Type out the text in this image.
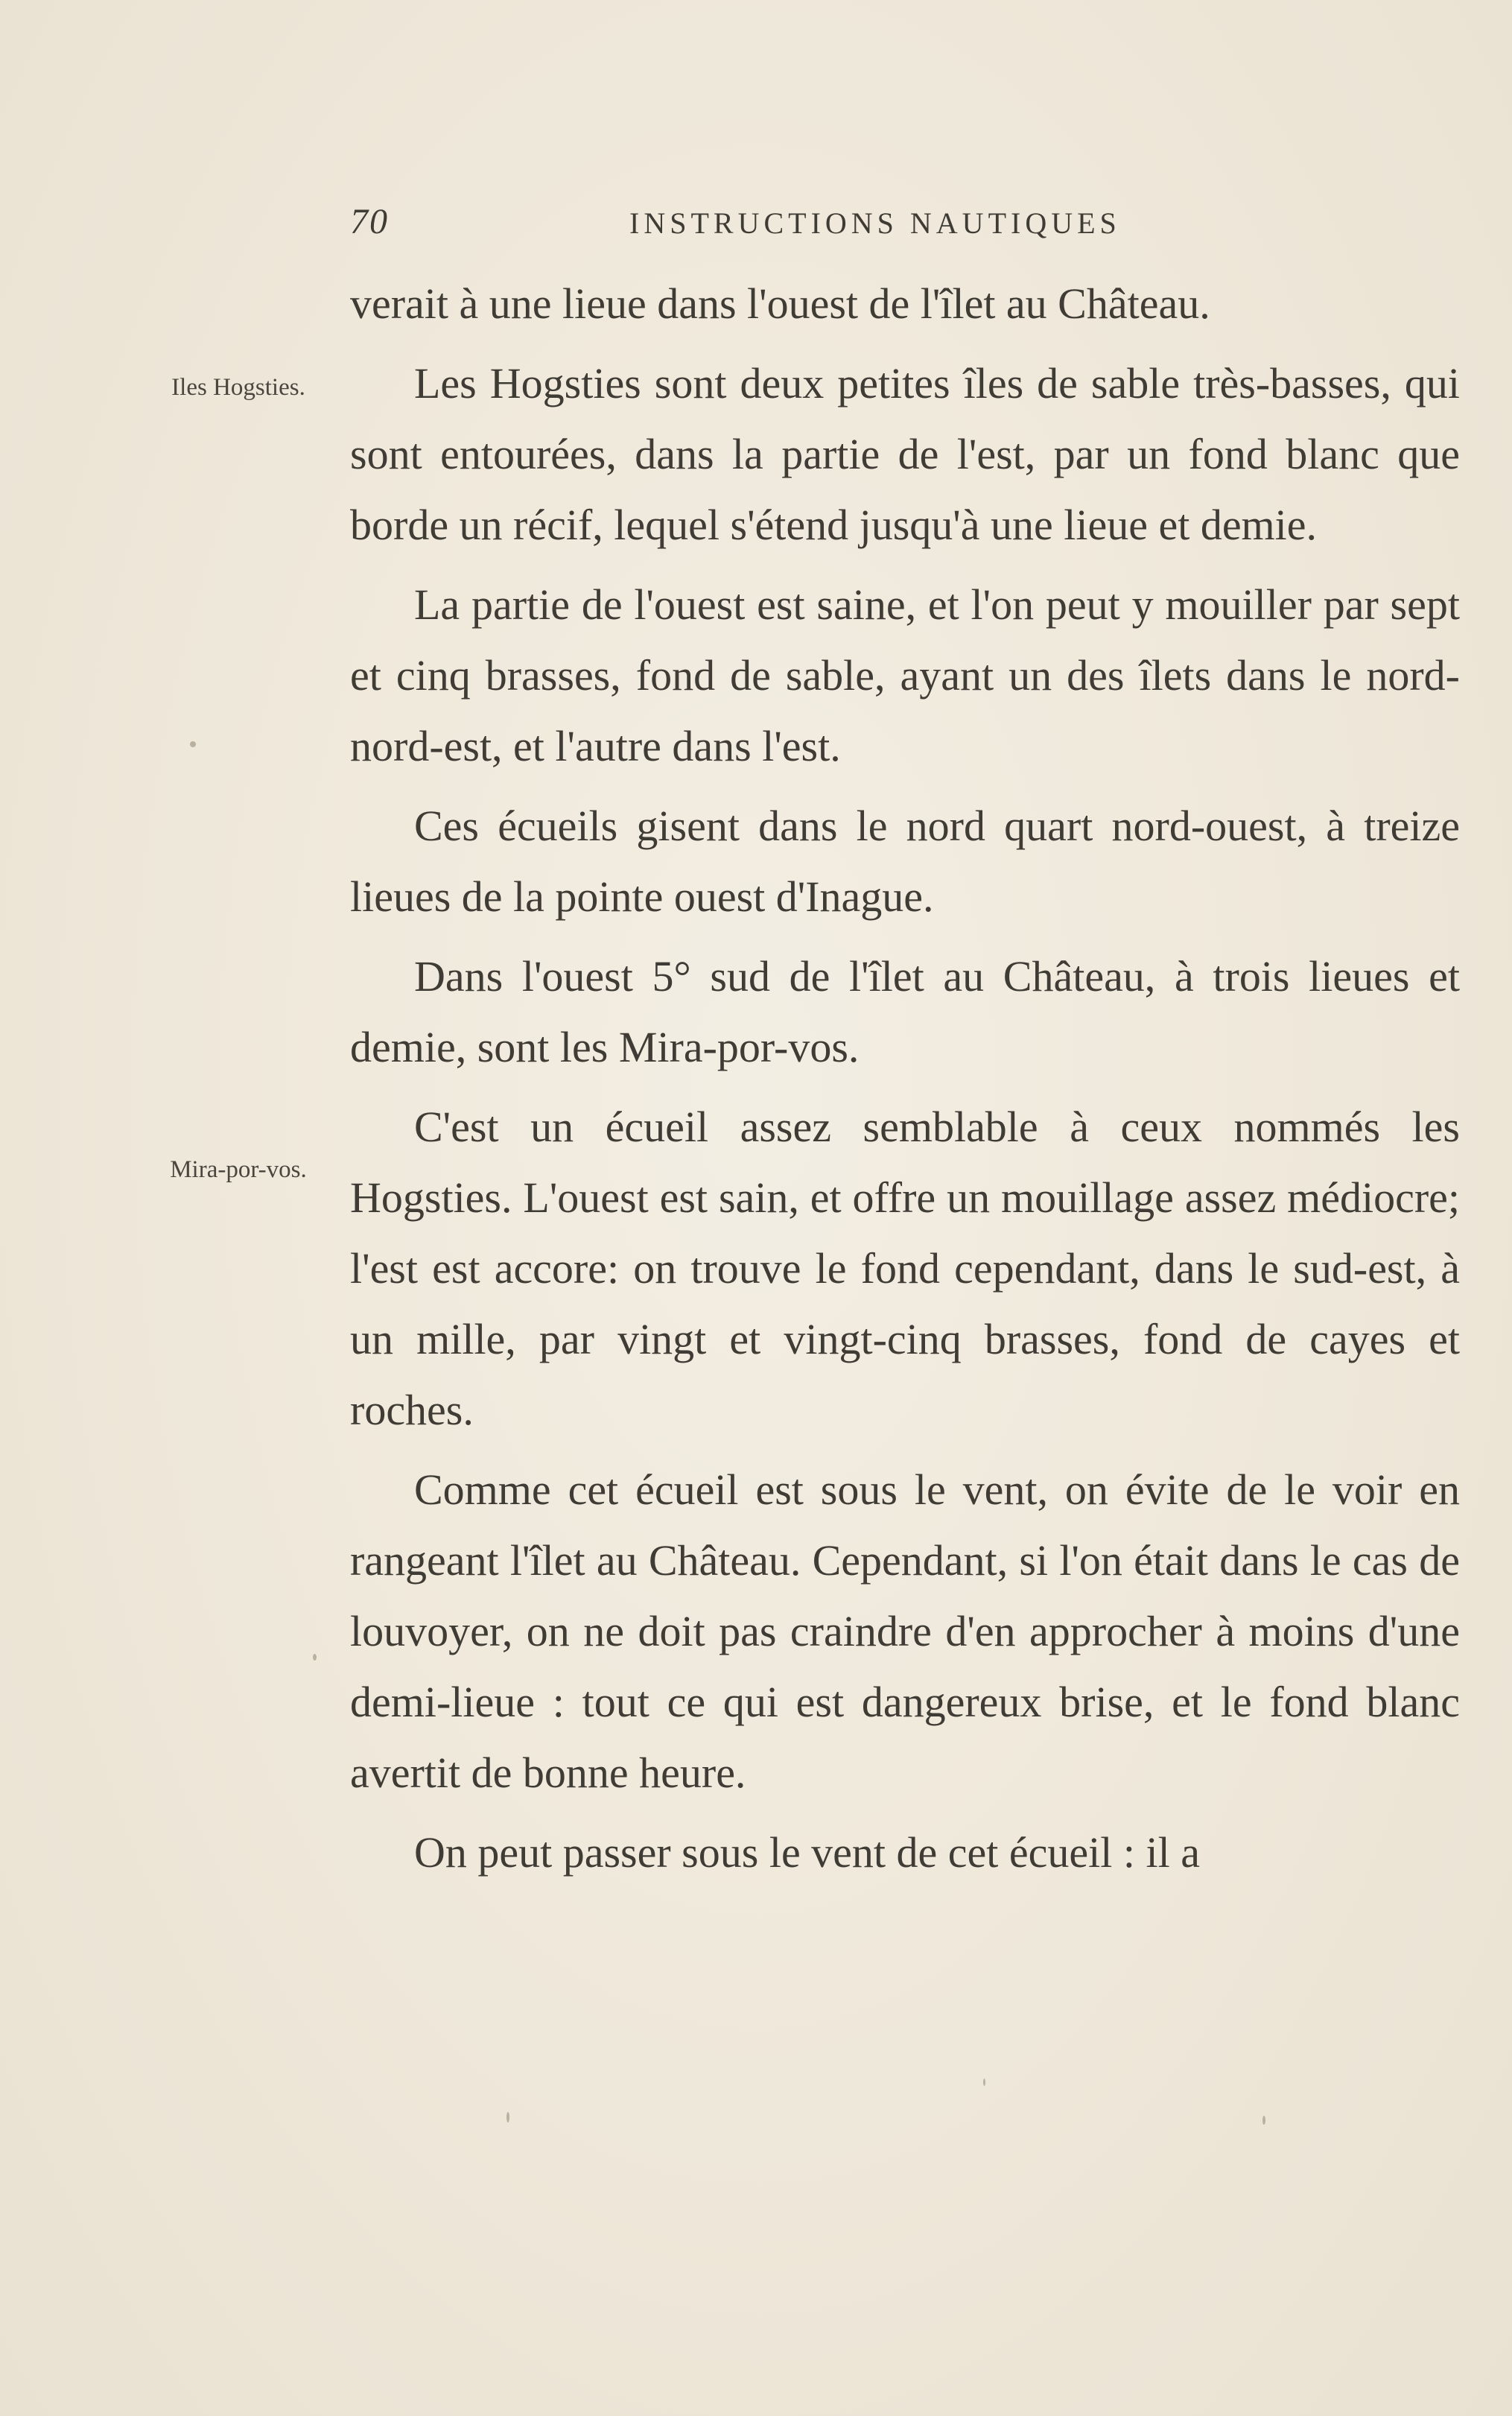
70	INSTRUCTIONS NAUTIQUES
Iles Hogsties.
Mira-por-vos.

verait à une lieue dans l'ouest de l'îlet au Château.

Les Hogsties sont deux petites îles de sable très-basses, qui sont entourées, dans la partie de l'est, par un fond blanc que borde un récif, lequel s'étend jusqu'à une lieue et demie.

La partie de l'ouest est saine, et l'on peut y mouiller par sept et cinq brasses, fond de sable, ayant un des îlets dans le nord-nord-est, et l'autre dans l'est.

Ces écueils gisent dans le nord quart nord-ouest, à treize lieues de la pointe ouest d'Inague.

Dans l'ouest 5° sud de l'îlet au Château, à trois lieues et demie, sont les Mira-por-vos.

C'est un écueil assez semblable à ceux nommés les Hogsties. L'ouest est sain, et offre un mouillage assez médiocre; l'est est accore: on trouve le fond cependant, dans le sud-est, à un mille, par vingt et vingt-cinq brasses, fond de cayes et roches.

Comme cet écueil est sous le vent, on évite de le voir en rangeant l'îlet au Château. Cependant, si l'on était dans le cas de louvoyer, on ne doit pas craindre d'en approcher à moins d'une demi-lieue : tout ce qui est dangereux brise, et le fond blanc avertit de bonne heure.

On peut passer sous le vent de cet écueil : il a
